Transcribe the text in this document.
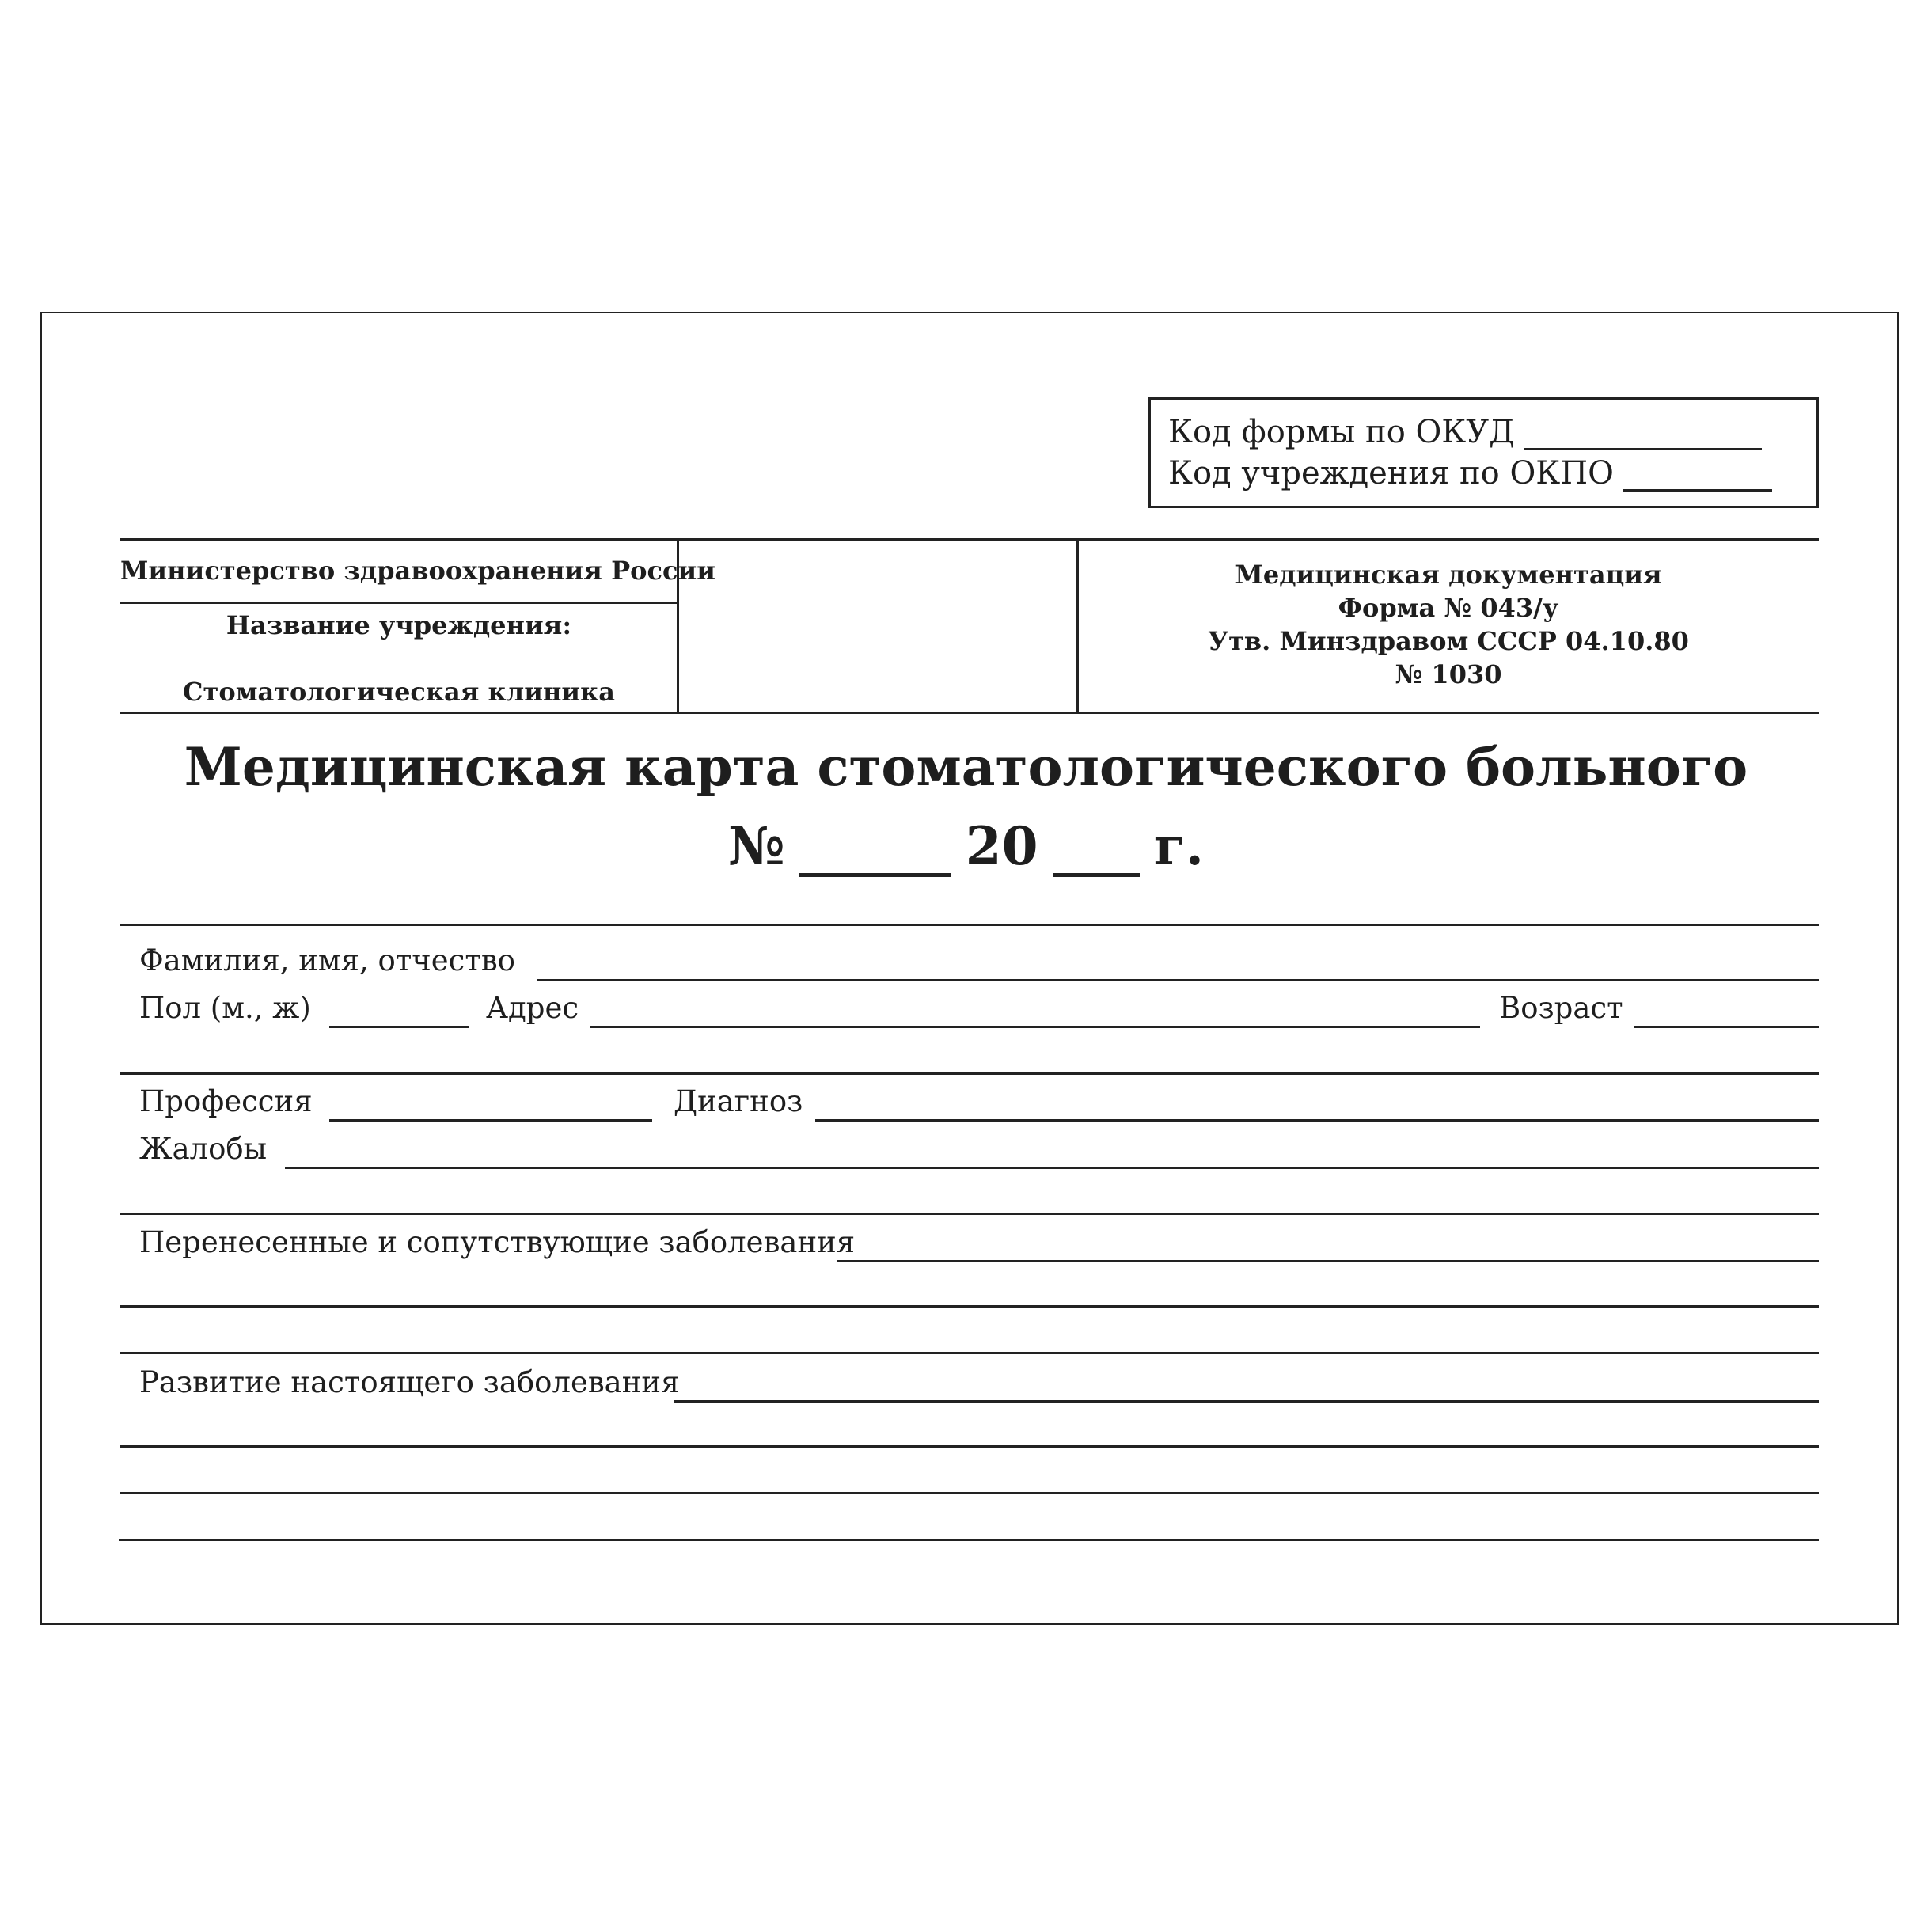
Код формы по ОКУД
Код учреждения по ОКПО
Министерство здравоохранения России
Название учреждения:
Стоматологическая клиника
Медицинская документация
Форма № 043/у
Утв. Минздравом СССР 04.10.80
№ 1030
Медицинская карта стоматологического больного
№	20 г.
Фамилия, имя, отчество
Пол (м., ж)	Адрес	Возраст
Профессия	Диагноз
Жалобы
Перенесенные и сопутствующие заболевания
Развитие настоящего заболевания
